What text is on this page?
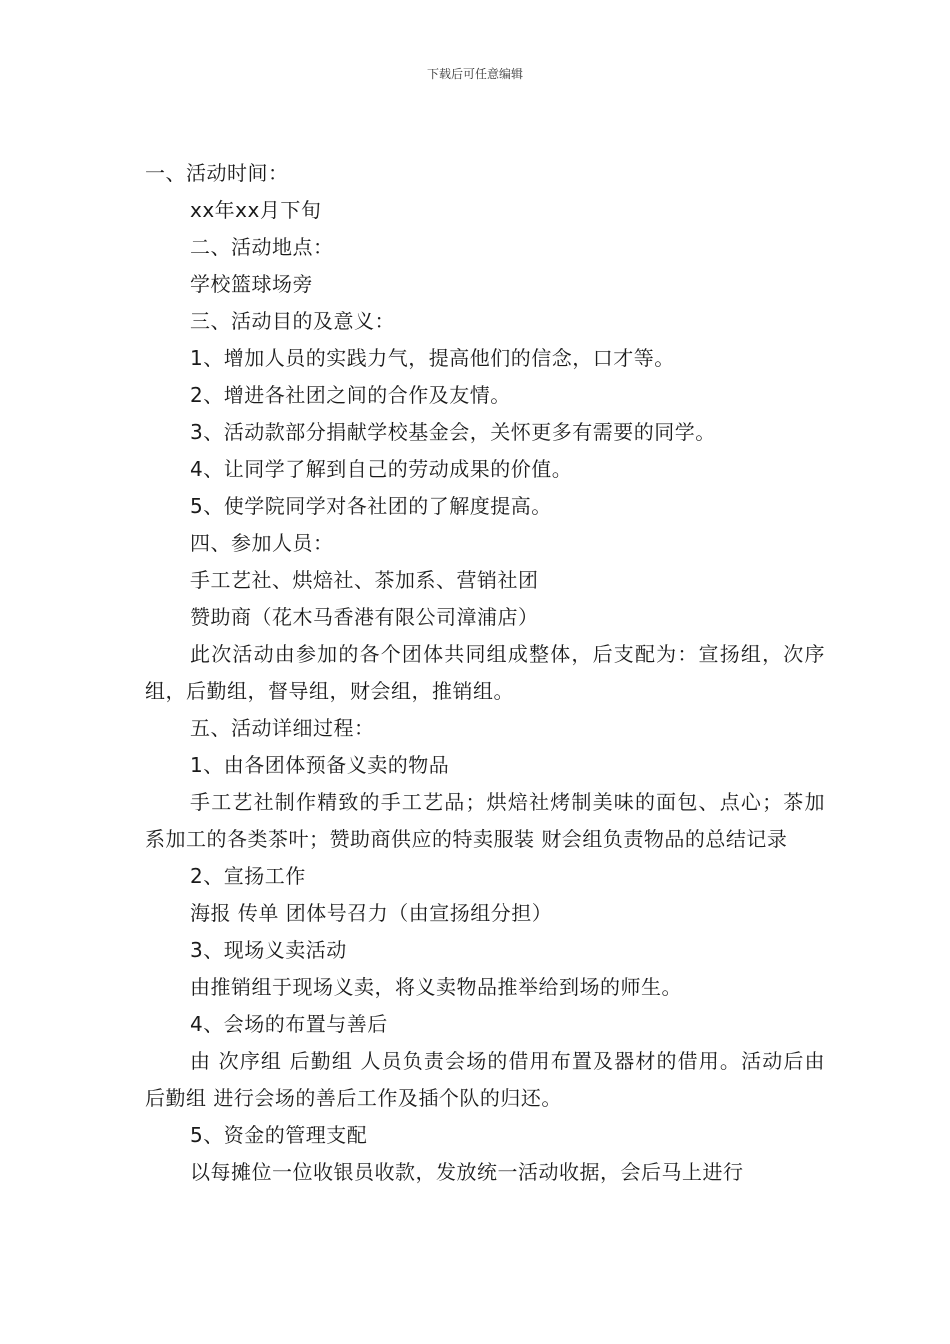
下载后可任意编辑
一、活动时间：
xx年xx月下旬
二、活动地点：
学校篮球场旁
三、活动目的及意义：
1、增加人员的实践力气，提高他们的信念，口才等。
2、增进各社团之间的合作及友情。
3、活动款部分捐献学校基金会，关怀更多有需要的同学。
4、让同学了解到自己的劳动成果的价值。
5、使学院同学对各社团的了解度提高。
四、参加人员：
手工艺社、烘焙社、茶加系、营销社团
赞助商（花木马香港有限公司漳浦店）

此次活动由参加的各个团体共同组成整体，后支配为：宣扬组，次序组，后勤组，督导组，财会组，推销组。

五、活动详细过程：
1、由各团体预备义卖的物品

手工艺社制作精致的手工艺品；烘焙社烤制美味的面包、点心；茶加系加工的各类茶叶；赞助商供应的特卖服装 财会组负责物品的总结记录

2、宣扬工作
海报 传单 团体号召力（由宣扬组分担）
3、现场义卖活动
由推销组于现场义卖，将义卖物品推举给到场的师生。
4、会场的布置与善后

由 次序组 后勤组 人员负责会场的借用布置及器材的借用。活动后由后勤组 进行会场的善后工作及插个队的归还。

5、资金的管理支配
以每摊位一位收银员收款，发放统一活动收据，会后马上进行
